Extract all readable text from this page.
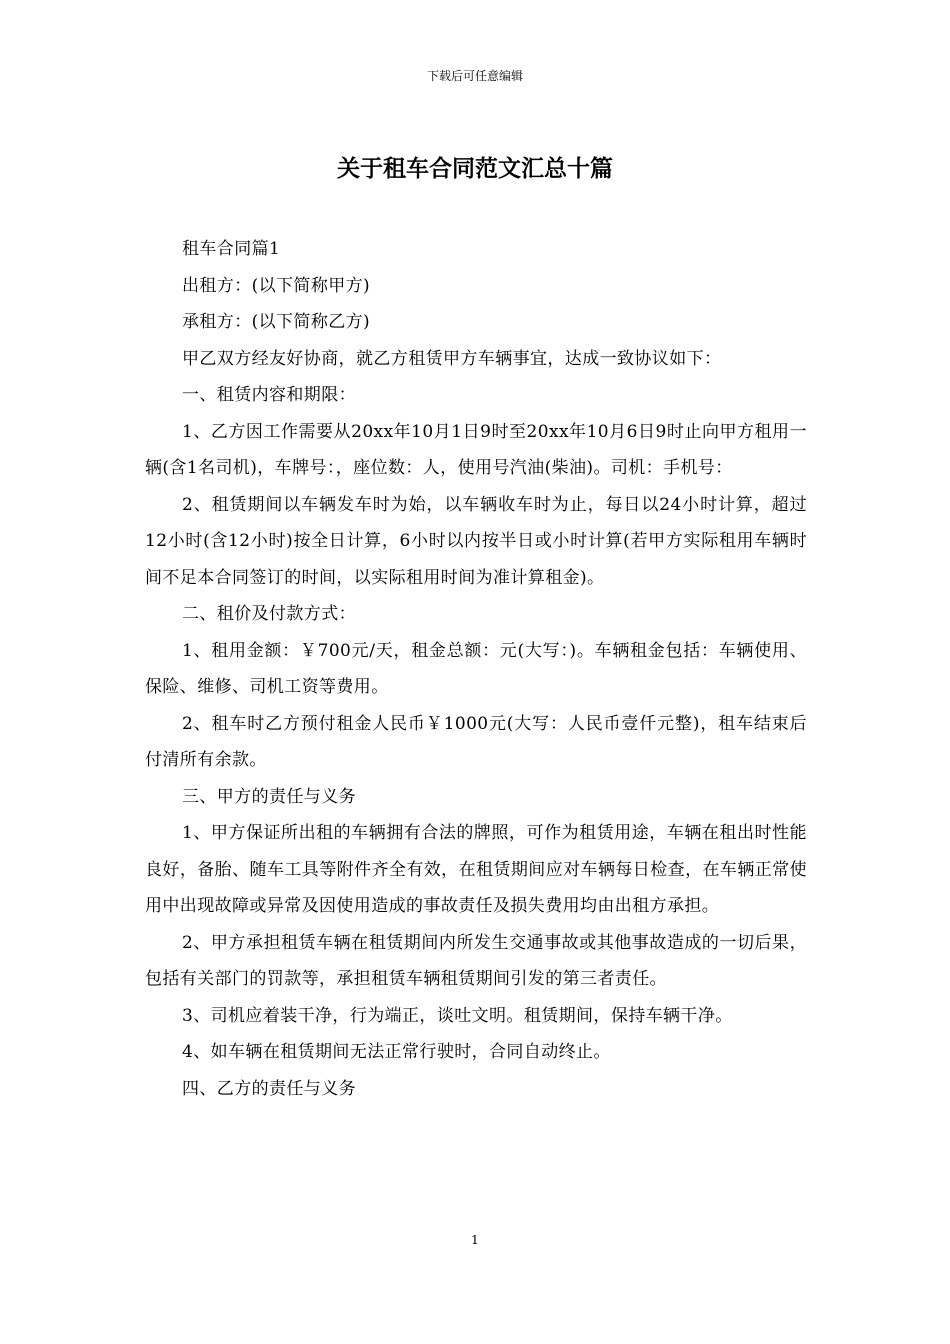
下载后可任意编辑
关于租车合同范文汇总十篇

租车合同篇1

出租方：(以下简称甲方)

承租方：(以下简称乙方)

甲乙双方经友好协商，就乙方租赁甲方车辆事宜，达成一致协议如下：

一、租赁内容和期限：

1、乙方因工作需要从20xx年10月1日9时至20xx年10月6日9时止向甲方租用一辆(含1名司机)，车牌号：，座位数：人，使用号汽油(柴油)。司机：手机号：

2、租赁期间以车辆发车时为始，以车辆收车时为止，每日以24小时计算，超过12小时(含12小时)按全日计算，6小时以内按半日或小时计算(若甲方实际租用车辆时间不足本合同签订的时间，以实际租用时间为准计算租金)。

二、租价及付款方式：

1、租用金额：￥700元/天，租金总额：元(大写：)。车辆租金包括：车辆使用、保险、维修、司机工资等费用。

2、租车时乙方预付租金人民币￥1000元(大写：人民币壹仟元整)，租车结束后付清所有余款。

三、甲方的责任与义务

1、甲方保证所出租的车辆拥有合法的牌照，可作为租赁用途，车辆在租出时性能良好，备胎、随车工具等附件齐全有效，在租赁期间应对车辆每日检查，在车辆正常使用中出现故障或异常及因使用造成的事故责任及损失费用均由出租方承担。

2、甲方承担租赁车辆在租赁期间内所发生交通事故或其他事故造成的一切后果，包括有关部门的罚款等，承担租赁车辆租赁期间引发的第三者责任。

3、司机应着装干净，行为端正，谈吐文明。租赁期间，保持车辆干净。

4、如车辆在租赁期间无法正常行驶时，合同自动终止。

四、乙方的责任与义务

1
